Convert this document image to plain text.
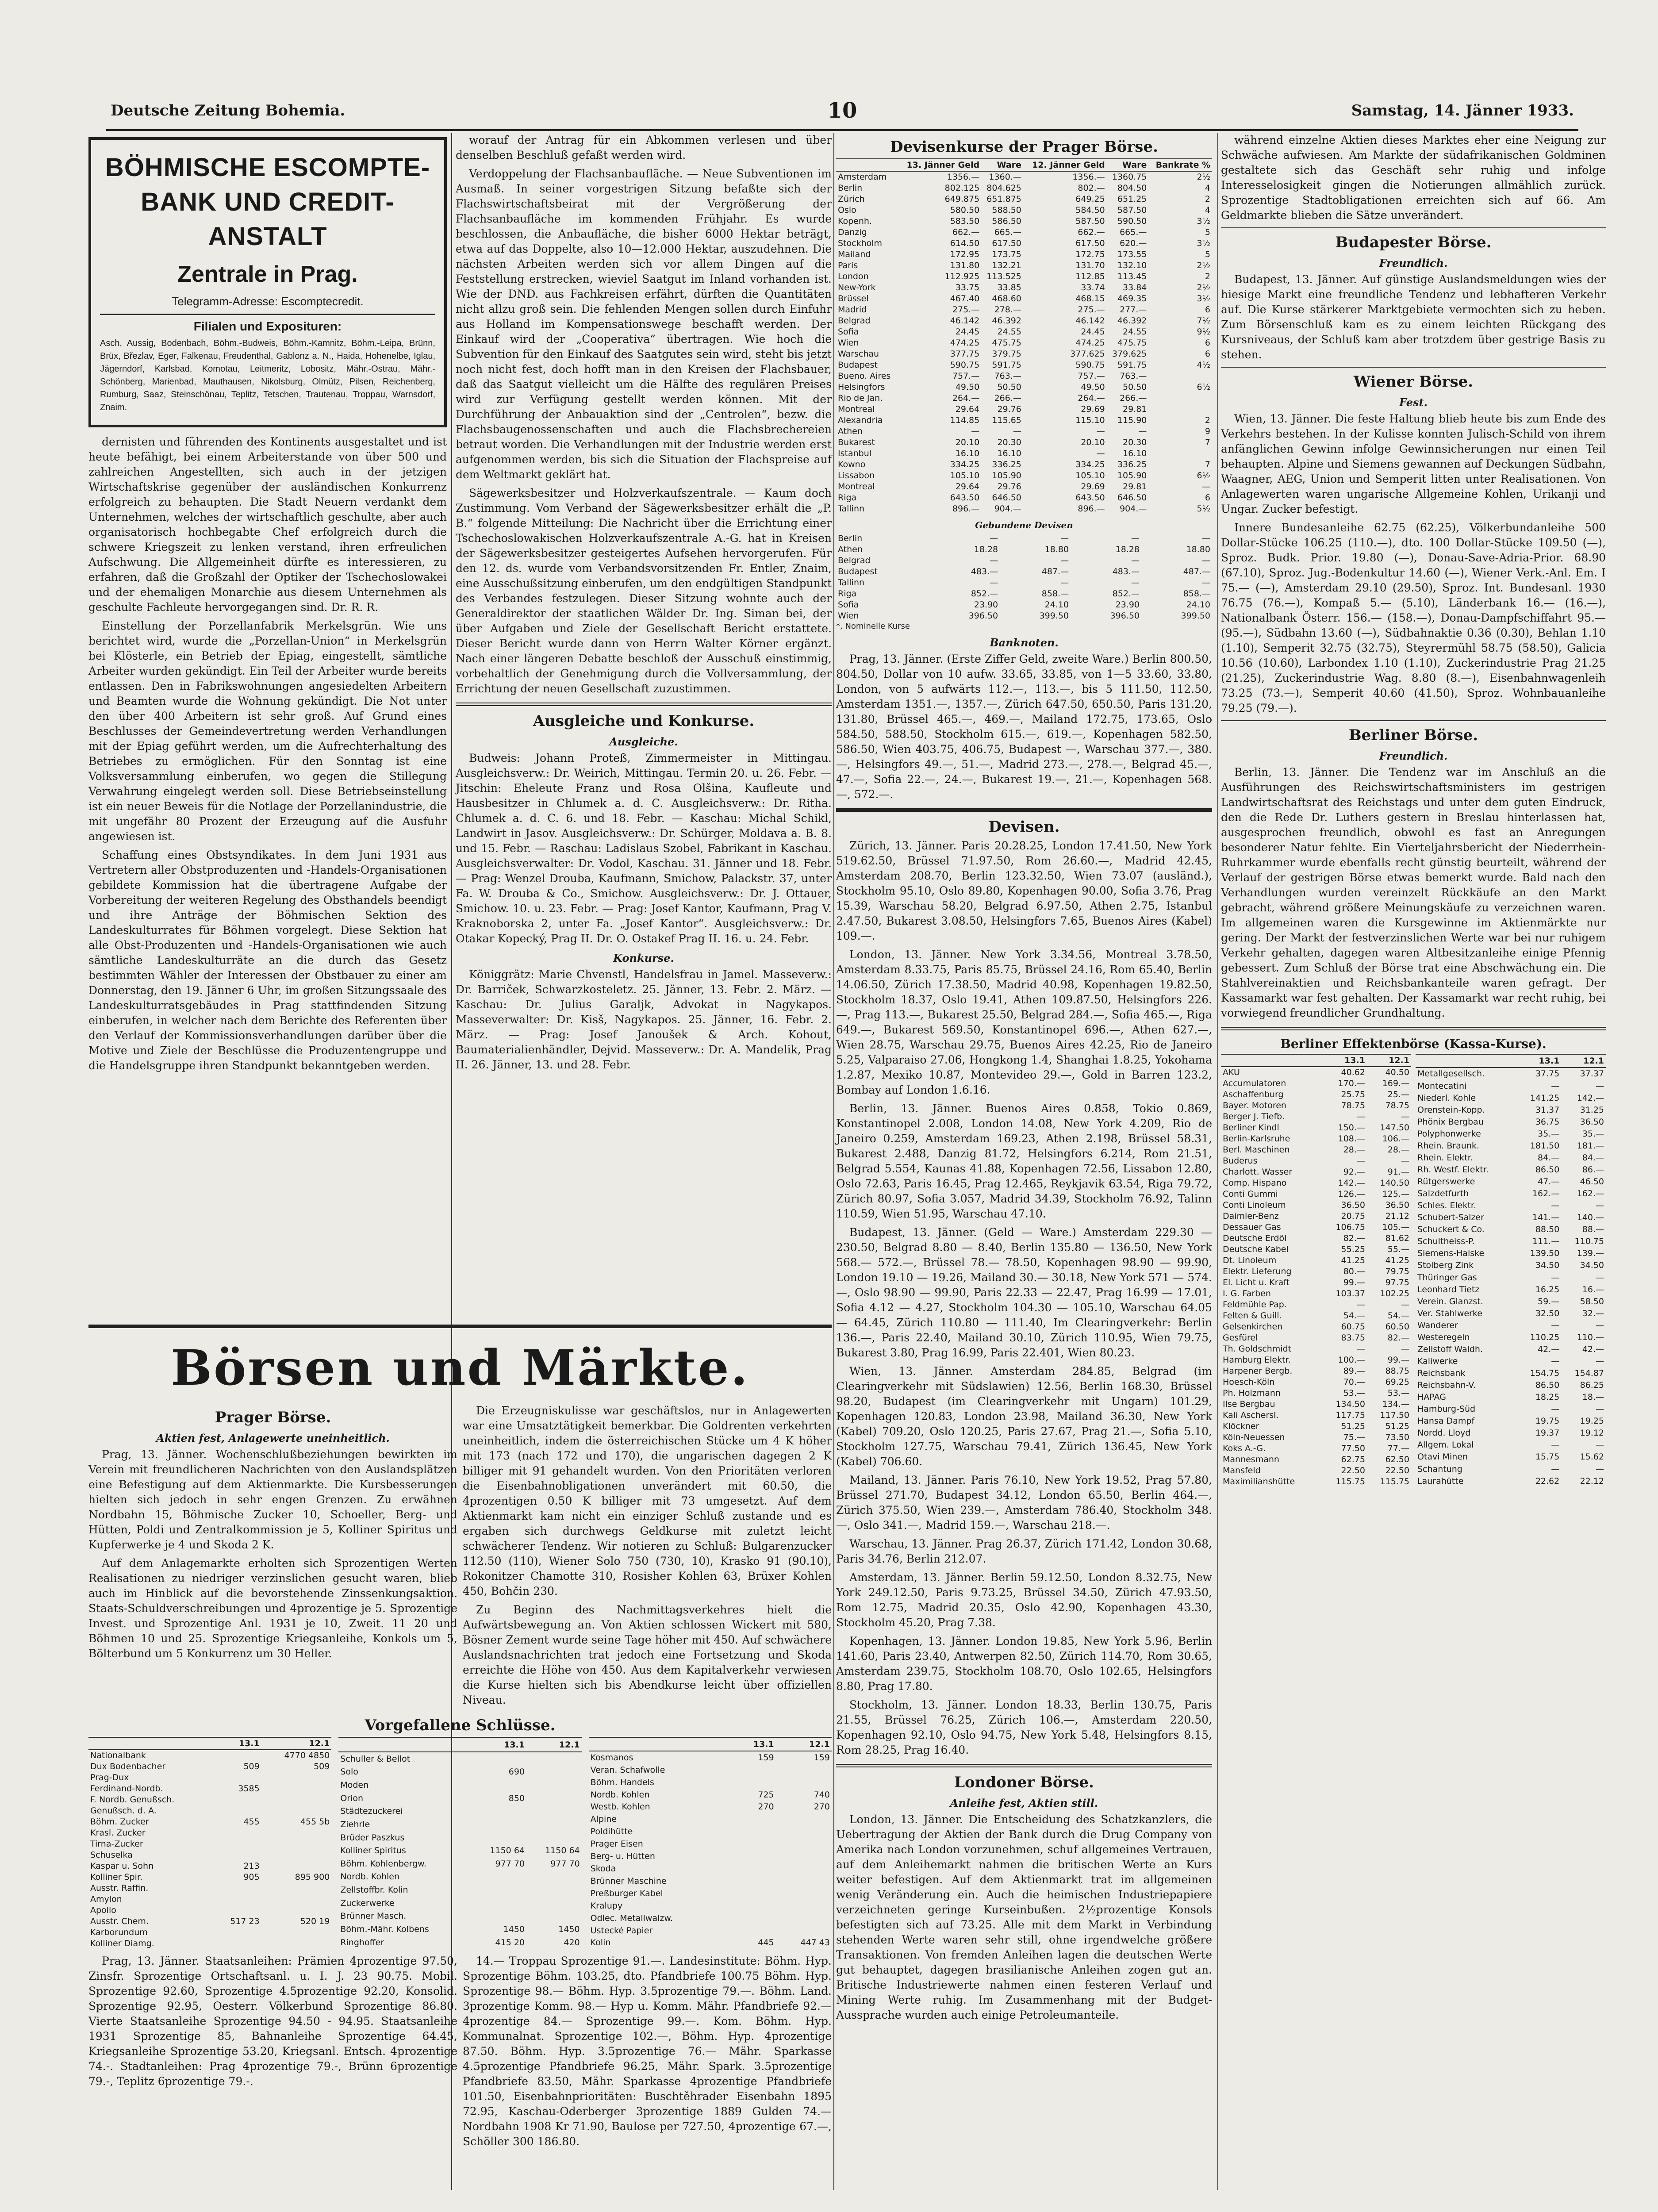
Deutsche Zeitung Bohemia.	10	Samstag, 14. Jänner 1933.
BÖHMISCHE ESCOMPTE-BANK UND CREDIT-ANSTALT
Zentrale in Prag.
Telegramm-Adresse: Escomptecredit.
Filialen und Exposituren:
Asch, Aussig, Bodenbach, Böhm.-Budweis, Böhm.-Kamnitz, Böhm.-Leipa, Brünn, Brüx, Březlav, Eger, Falkenau, Freudenthal, Gablonz a. N., Haida, Hohenelbe, Iglau, Jägerndorf, Karlsbad, Komotau, Leitmeritz, Lobositz, Mähr.-Ostrau, Mähr.-Schönberg, Marienbad, Mauthausen, Nikolsburg, Olmütz, Pilsen, Reichenberg, Rumburg, Saaz, Steinschönau, Teplitz, Tetschen, Trautenau, Troppau, Warnsdorf, Znaim.

dernisten und führenden des Kontinents ausgestaltet und ist heute befähigt, bei einem Arbeiterstande von über 500 und zahlreichen Angestellten, sich auch in der jetzigen Wirtschaftskrise gegenüber der ausländischen Konkurrenz erfolgreich zu behaupten. Die Stadt Neuern verdankt dem Unternehmen, welches der wirtschaftlich geschulte, aber auch organisatorisch hochbegabte Chef erfolgreich durch die schwere Kriegszeit zu lenken verstand, ihren erfreulichen Aufschwung. Die Allgemeinheit dürfte es interessieren, zu erfahren, daß die Großzahl der Optiker der Tschechoslowakei und der ehemaligen Monarchie aus diesem Unternehmen als geschulte Fachleute hervorgegangen sind. Dr. R. R.

Einstellung der Porzellanfabrik Merkelsgrün. Wie uns berichtet wird, wurde die „Porzellan-Union“ in Merkelsgrün bei Klösterle, ein Betrieb der Epiag, eingestellt, sämtliche Arbeiter wurden gekündigt. Ein Teil der Arbeiter wurde bereits entlassen. Den in Fabrikswohnungen angesiedelten Arbeitern und Beamten wurde die Wohnung gekündigt. Die Not unter den über 400 Arbeitern ist sehr groß. Auf Grund eines Beschlusses der Gemeindevertretung werden Verhandlungen mit der Epiag geführt werden, um die Aufrechterhaltung des Betriebes zu ermöglichen. Für den Sonntag ist eine Volksversammlung einberufen, wo gegen die Stillegung Verwahrung eingelegt werden soll. Diese Betriebseinstellung ist ein neuer Beweis für die Notlage der Porzellanindustrie, die mit ungefähr 80 Prozent der Erzeugung auf die Ausfuhr angewiesen ist.

Schaffung eines Obstsyndikates. In dem Juni 1931 aus Vertretern aller Obstproduzenten und -Handels-Organisationen gebildete Kommission hat die übertragene Aufgabe der Vorbereitung der weiteren Regelung des Obsthandels beendigt und ihre Anträge der Böhmischen Sektion des Landeskulturrates für Böhmen vorgelegt. Diese Sektion hat alle Obst-Produzenten und -Handels-Organisationen wie auch sämtliche Landeskulturräte an die durch das Gesetz bestimmten Wähler der Interessen der Obstbauer zu einer am Donnerstag, den 19. Jänner 6 Uhr, im großen Sitzungssaale des Landeskulturratsgebäudes in Prag stattfindenden Sitzung einberufen, in welcher nach dem Berichte des Referenten über den Verlauf der Kommissionsverhandlungen darüber über die Motive und Ziele der Beschlüsse die Produzentengruppe und die Handelsgruppe ihren Standpunkt bekanntgeben werden.

worauf der Antrag für ein Abkommen verlesen und über denselben Beschluß gefaßt werden wird.

Verdoppelung der Flachsanbaufläche. — Neue Subventionen im Ausmaß. In seiner vorgestrigen Sitzung befaßte sich der Flachswirtschaftsbeirat mit der Vergrößerung der Flachsanbaufläche im kommenden Frühjahr. Es wurde beschlossen, die Anbaufläche, die bisher 6000 Hektar beträgt, etwa auf das Doppelte, also 10—12.000 Hektar, auszudehnen. Die nächsten Arbeiten werden sich vor allem Dingen auf die Feststellung erstrecken, wieviel Saatgut im Inland vorhanden ist. Wie der DND. aus Fachkreisen erfährt, dürften die Quantitäten nicht allzu groß sein. Die fehlenden Mengen sollen durch Einfuhr aus Holland im Kompensationswege beschafft werden. Der Einkauf wird der „Cooperativa“ übertragen. Wie hoch die Subvention für den Einkauf des Saatgutes sein wird, steht bis jetzt noch nicht fest, doch hofft man in den Kreisen der Flachsbauer, daß das Saatgut vielleicht um die Hälfte des regulären Preises wird zur Verfügung gestellt werden können. Mit der Durchführung der Anbauaktion sind der „Centrolen“, bezw. die Flachsbaugenossenschaften und auch die Flachsbrechereien betraut worden. Die Verhandlungen mit der Industrie werden erst aufgenommen werden, bis sich die Situation der Flachspreise auf dem Weltmarkt geklärt hat.

Sägewerksbesitzer und Holzverkaufszentrale. — Kaum doch Zustimmung. Vom Verband der Sägewerksbesitzer erhält die „P. B.“ folgende Mitteilung: Die Nachricht über die Errichtung einer Tschechoslowakischen Holzverkaufszentrale A.-G. hat in Kreisen der Sägewerksbesitzer gesteigertes Aufsehen hervorgerufen. Für den 12. ds. wurde vom Verbandsvorsitzenden Fr. Entler, Znaim, eine Ausschußsitzung einberufen, um den endgültigen Standpunkt des Verbandes festzulegen. Dieser Sitzung wohnte auch der Generaldirektor der staatlichen Wälder Dr. Ing. Siman bei, der über Aufgaben und Ziele der Gesellschaft Bericht erstattete. Dieser Bericht wurde dann von Herrn Walter Körner ergänzt. Nach einer längeren Debatte beschloß der Ausschuß einstimmig, vorbehaltlich der Genehmigung durch die Vollversammlung, der Errichtung der neuen Gesellschaft zuzustimmen.

Ausgleiche und Konkurse.
Ausgleiche.

Budweis: Johann Proteß, Zimmermeister in Mittingau. Ausgleichsverw.: Dr. Weirich, Mittingau. Termin 20. u. 26. Febr. — Jitschin: Eheleute Franz und Rosa Olšina, Kaufleute und Hausbesitzer in Chlumek a. d. C. Ausgleichsverw.: Dr. Ritha. Chlumek a. d. C. 6. und 18. Febr. — Kaschau: Michal Schikl, Landwirt in Jasov. Ausgleichsverw.: Dr. Schürger, Moldava a. B. 8. und 15. Febr. — Raschau: Ladislaus Szobel, Fabrikant in Kaschau. Ausgleichsverwalter: Dr. Vodol, Kaschau. 31. Jänner und 18. Febr. — Prag: Wenzel Drouba, Kaufmann, Smichow, Palackstr. 37, unter Fa. W. Drouba & Co., Smichow. Ausgleichsverw.: Dr. J. Ottauer, Smichow. 10. u. 23. Febr. — Prag: Josef Kantor, Kaufmann, Prag V. Kraknoborska 2, unter Fa. „Josef Kantor“. Ausgleichsverw.: Dr. Otakar Kopecký, Prag II. Dr. O. Ostakef Prag II. 16. u. 24. Febr.

Konkurse.

Königgrätz: Marie Chvenstl, Handelsfrau in Jamel. Masseverw.: Dr. Barriček, Schwarzkosteletz. 25. Jänner, 13. Febr. 2. März. — Kaschau: Dr. Julius Garaljk, Advokat in Nagykapos. Masseverwalter: Dr. Kisš, Nagykapos. 25. Jänner, 16. Febr. 2. März. — Prag: Josef Janoušek & Arch. Kohout, Baumaterialienhändler, Dejvid. Masseverw.: Dr. A. Mandelik, Prag II. 26. Jänner, 13. und 28. Febr.

Börsen und Märkte.
Prager Börse.
Aktien fest, Anlagewerte uneinheitlich.

Prag, 13. Jänner. Wochenschlußbeziehungen bewirkten im Verein mit freundlicheren Nachrichten von den Auslandsplätzen eine Befestigung auf dem Aktienmarkte. Die Kursbesserungen hielten sich jedoch in sehr engen Grenzen. Zu erwähnen Nordbahn 15, Böhmische Zucker 10, Schoeller, Berg- und Hütten, Poldi und Zentralkommission je 5, Kolliner Spiritus und Kupferwerke je 4 und Skoda 2 K.

Auf dem Anlagemarkte erholten sich Sprozentigen Werten Realisationen zu niedriger verzinslichen gesucht waren, blieb auch im Hinblick auf die bevorstehende Zinssenkungsaktion. Staats-Schuldverschreibungen und 4prozentige je 5. Sprozentige Invest. und Sprozentige Anl. 1931 je 10, Zweit. 11 20 und Böhmen 10 und 25. Sprozentige Kriegsanleihe, Konkols um 5, Bölterbund um 5 Konkurrenz um 30 Heller.

Die Erzeugniskulisse war geschäftslos, nur in Anlagewerten war eine Umsatztätigkeit bemerkbar. Die Goldrenten verkehrten uneinheitlich, indem die österreichischen Stücke um 4 K höher mit 173 (nach 172 und 170), die ungarischen dagegen 2 K billiger mit 91 gehandelt wurden. Von den Prioritäten verloren die Eisenbahnobligationen unverändert mit 60.50, die 4prozentigen 0.50 K billiger mit 73 umgesetzt. Auf dem Aktienmarkt kam nicht ein einziger Schluß zustande und es ergaben sich durchwegs Geldkurse mit zuletzt leicht schwächerer Tendenz. Wir notieren zu Schluß: Bulgarenzucker 112.50 (110), Wiener Solo 750 (730, 10), Krasko 91 (90.10), Rokonitzer Chamotte 310, Rosisher Kohlen 63, Brüxer Kohlen 450, Bohčin 230.

Zu Beginn des Nachmittagsverkehres hielt die Aufwärtsbewegung an. Von Aktien schlossen Wickert mit 580, Bösner Zement wurde seine Tage höher mit 450. Auf schwächere Auslandsnachrichten trat jedoch eine Fortsetzung und Skoda erreichte die Höhe von 450. Aus dem Kapitalverkehr verwiesen die Kurse hielten sich bis Abendkurse leicht über offiziellen Niveau.

Vorgefallene Schlüsse.
	13.1	12.1
Nationalbank		4770 4850
Dux Bodenbacher	509	509
Prag-Dux		
Ferdinand-Nordb.	3585	
F. Nordb. Genußsch.		
Genußsch. d. A.		
Böhm. Zucker	455	455 5b
Krasl. Zucker		
Tirna-Zucker		
Schuselka		
Kaspar u. Sohn	213	
Kolliner Spir.	905	895 900
Ausstr. Raffin.		
Amylon		
Apollo		
Ausstr. Chem.	517 23	520 19
Karborundum		
Kolliner Diamg.		
	13.1	12.1
Schuller & Bellot		
Solo	690	
Moden		
Orion	850	
Städtezuckerei		
Ziehrle		
Brüder Paszkus		
Kolliner Spiritus	1150 64	1150 64
Böhm. Kohlenbergw.	977 70	977 70
Nordb. Kohlen		
Zellstoffbr. Kolin		
Zuckerwerke		
Brünner Masch.		
Böhm.-Mähr. Kolbens	1450	1450
Ringhoffer	415 20	420
	13.1	12.1
Kosmanos	159	159
Veran. Schafwolle		
Böhm. Handels		
Nordb. Kohlen	725	740
Westb. Kohlen	270	270
Alpine		
Poldihütte		
Prager Eisen		
Berg- u. Hütten		
Skoda		
Brünner Maschine		
Preßburger Kabel		
Kralupy		
Odlec. Metallwalzw.		
Ustecké Papier		
Kolin	445	447 43

Prag, 13. Jänner. Staatsanleihen: Prämien 4prozentige 97.50, Zinsfr. Sprozentige Ortschaftsanl. u. I. J. 23 90.75. Mobil. Sprozentige 92.60, Sprozentige 4.5prozentige 92.20, Konsolid. Sprozentige 92.95, Oesterr. Völkerbund Sprozentige 86.80. Vierte Staatsanleihe Sprozentige 94.50 - 94.95. Staatsanleihe 1931 Sprozentige 85, Bahnanleihe Sprozentige 64.45, Kriegsanleihe Sprozentige 53.20, Kriegsanl. Entsch. 4prozentige 74.-. Stadtanleihen: Prag 4prozentige 79.-, Brünn 6prozentige 79.-, Teplitz 6prozentige 79.-.

14.— Troppau Sprozentige 91.—. Landesinstitute: Böhm. Hyp. Sprozentige Böhm. 103.25, dto. Pfandbriefe 100.75 Böhm. Hyp. Sprozentige 98.— Böhm. Hyp. 3.5prozentige 79.—. Böhm. Land. 3prozentige Komm. 98.— Hyp u. Komm. Mähr. Pfandbriefe 92.— 4prozentige 84.— Sprozentige 99.—. Kom. Böhm. Hyp. Kommunalnat. Sprozentige 102.—, Böhm. Hyp. 4prozentige 87.50. Böhm. Hyp. 3.5prozentige 76.— Mähr. Sparkasse 4.5prozentige Pfandbriefe 96.25, Mähr. Spark. 3.5prozentige Pfandbriefe 83.50, Mähr. Sparkasse 4prozentige Pfandbriefe 101.50, Eisenbahnprioritäten: Buschtěhrader Eisenbahn 1895 72.95, Kaschau-Oderberger 3prozentige 1889 Gulden 74.— Nordbahn 1908 Kr 71.90, Baulose per 727.50, 4prozentige 67.—, Schöller 300 186.80.

Devisenkurse der Prager Börse.
	13. Jänner Geld	Ware	12. Jänner Geld	Ware	Bankrate %
Amsterdam	1356.—	1360.—	1356.—	1360.75	2½
Berlin	802.125	804.625	802.—	804.50	4
Zürich	649.875	651.875	649.25	651.25	2
Oslo	580.50	588.50	584.50	587.50	4
Kopenh.	583.50	586.50	587.50	590.50	3½
Danzig	662.—	665.—	662.—	665.—	5
Stockholm	614.50	617.50	617.50	620.—	3½
Mailand	172.95	173.75	172.75	173.55	5
Paris	131.80	132.21	131.70	132.10	2½
London	112.925	113.525	112.85	113.45	2
New-York	33.75	33.85	33.74	33.84	2½
Brüssel	467.40	468.60	468.15	469.35	3½
Madrid	275.—	278.—	275.—	277.—	6
Belgrad	46.142	46.392	46.142	46.392	7½
Sofia	24.45	24.55	24.45	24.55	9½
Wien	474.25	475.75	474.25	475.75	6
Warschau	377.75	379.75	377.625	379.625	6
Budapest	590.75	591.75	590.75	591.75	4½
Bueno. Aires	757.—	763.—	757.—	763.—	
Helsingfors	49.50	50.50	49.50	50.50	6½
Rio de Jan.	264.—	266.—	264.—	266.—	
Montreal	29.64	29.76	29.69	29.81	
Alexandria	114.85	115.65	115.10	115.90	2
Athen	—	—	—	—	9
Bukarest	20.10	20.30	20.10	20.30	7
Istanbul	16.10	16.10	—	16.10	
Kowno	334.25	336.25	334.25	336.25	7
Lissabon	105.10	105.90	105.10	105.90	6½
Montreal	29.64	29.76	29.69	29.81	—
Riga	643.50	646.50	643.50	646.50	6
Tallinn	896.—	904.—	896.—	904.—	5½
Gebundene Devisen
Berlin	—	—	—	—
Athen	18.28	18.80	18.28	18.80
Belgrad	—	—	—	—
Budapest	483.—	487.—	483.—	487.—
Tallinn	—	—	—	—
Riga	852.—	858.—	852.—	858.—
Sofia	23.90	24.10	23.90	24.10
Wien	396.50	399.50	396.50	399.50
*, Nominelle Kurse
Banknoten.

Prag, 13. Jänner. (Erste Ziffer Geld, zweite Ware.) Berlin 800.50, 804.50, Dollar von 10 aufw. 33.65, 33.85, von 1—5 33.60, 33.80, London, von 5 aufwärts 112.—, 113.—, bis 5 111.50, 112.50, Amsterdam 1351.—, 1357.—, Zürich 647.50, 650.50, Paris 131.20, 131.80, Brüssel 465.—, 469.—, Mailand 172.75, 173.65, Oslo 584.50, 588.50, Stockholm 615.—, 619.—, Kopenhagen 582.50, 586.50, Wien 403.75, 406.75, Budapest —, Warschau 377.—, 380.—, Helsingfors 49.—, 51.—, Madrid 273.—, 278.—, Belgrad 45.—, 47.—, Sofia 22.—, 24.—, Bukarest 19.—, 21.—, Kopenhagen 568.—, 572.—.

Devisen.

Zürich, 13. Jänner. Paris 20.28.25, London 17.41.50, New York 519.62.50, Brüssel 71.97.50, Rom 26.60.—, Madrid 42.45, Amsterdam 208.70, Berlin 123.32.50, Wien 73.07 (ausländ.), Stockholm 95.10, Oslo 89.80, Kopenhagen 90.00, Sofia 3.76, Prag 15.39, Warschau 58.20, Belgrad 6.97.50, Athen 2.75, Istanbul 2.47.50, Bukarest 3.08.50, Helsingfors 7.65, Buenos Aires (Kabel) 109.—.

London, 13. Jänner. New York 3.34.56, Montreal 3.78.50, Amsterdam 8.33.75, Paris 85.75, Brüssel 24.16, Rom 65.40, Berlin 14.06.50, Zürich 17.38.50, Madrid 40.98, Kopenhagen 19.82.50, Stockholm 18.37, Oslo 19.41, Athen 109.87.50, Helsingfors 226.—, Prag 113.—, Bukarest 25.50, Belgrad 284.—, Sofia 465.—, Riga 649.—, Bukarest 569.50, Konstantinopel 696.—, Athen 627.—, Wien 28.75, Warschau 29.75, Buenos Aires 42.25, Rio de Janeiro 5.25, Valparaiso 27.06, Hongkong 1.4, Shanghai 1.8.25, Yokohama 1.2.87, Mexiko 10.87, Montevideo 29.—, Gold in Barren 123.2, Bombay auf London 1.6.16.

Berlin, 13. Jänner. Buenos Aires 0.858, Tokio 0.869, Konstantinopel 2.008, London 14.08, New York 4.209, Rio de Janeiro 0.259, Amsterdam 169.23, Athen 2.198, Brüssel 58.31, Bukarest 2.488, Danzig 81.72, Helsingfors 6.214, Rom 21.51, Belgrad 5.554, Kaunas 41.88, Kopenhagen 72.56, Lissabon 12.80, Oslo 72.63, Paris 16.45, Prag 12.465, Reykjavik 63.54, Riga 79.72, Zürich 80.97, Sofia 3.057, Madrid 34.39, Stockholm 76.92, Talinn 110.59, Wien 51.95, Warschau 47.10.

Budapest, 13. Jänner. (Geld — Ware.) Amsterdam 229.30 — 230.50, Belgrad 8.80 — 8.40, Berlin 135.80 — 136.50, New York 568.— 572.—, Brüssel 78.— 78.50, Kopenhagen 98.90 — 99.90, London 19.10 — 19.26, Mailand 30.— 30.18, New York 571 — 574.—, Oslo 98.90 — 99.90, Paris 22.33 — 22.47, Prag 16.99 — 17.01, Sofia 4.12 — 4.27, Stockholm 104.30 — 105.10, Warschau 64.05 — 64.45, Zürich 110.80 — 111.40, Im Clearingverkehr: Berlin 136.—, Paris 22.40, Mailand 30.10, Zürich 110.95, Wien 79.75, Bukarest 3.80, Prag 16.99, Paris 22.401, Wien 80.23.

Wien, 13. Jänner. Amsterdam 284.85, Belgrad (im Clearingverkehr mit Südslawien) 12.56, Berlin 168.30, Brüssel 98.20, Budapest (im Clearingverkehr mit Ungarn) 101.29, Kopenhagen 120.83, London 23.98, Mailand 36.30, New York (Kabel) 709.20, Oslo 120.25, Paris 27.67, Prag 21.—, Sofia 5.10, Stockholm 127.75, Warschau 79.41, Zürich 136.45, New York (Kabel) 706.60.

Mailand, 13. Jänner. Paris 76.10, New York 19.52, Prag 57.80, Brüssel 271.70, Budapest 34.12, London 65.50, Berlin 464.—, Zürich 375.50, Wien 239.—, Amsterdam 786.40, Stockholm 348.—, Oslo 341.—, Madrid 159.—, Warschau 218.—.

Warschau, 13. Jänner. Prag 26.37, Zürich 171.42, London 30.68, Paris 34.76, Berlin 212.07.

Amsterdam, 13. Jänner. Berlin 59.12.50, London 8.32.75, New York 249.12.50, Paris 9.73.25, Brüssel 34.50, Zürich 47.93.50, Rom 12.75, Madrid 20.35, Oslo 42.90, Kopenhagen 43.30, Stockholm 45.20, Prag 7.38.

Kopenhagen, 13. Jänner. London 19.85, New York 5.96, Berlin 141.60, Paris 23.40, Antwerpen 82.50, Zürich 114.70, Rom 30.65, Amsterdam 239.75, Stockholm 108.70, Oslo 102.65, Helsingfors 8.80, Prag 17.80.

Stockholm, 13. Jänner. London 18.33, Berlin 130.75, Paris 21.55, Brüssel 76.25, Zürich 106.—, Amsterdam 220.50, Kopenhagen 92.10, Oslo 94.75, New York 5.48, Helsingfors 8.15, Rom 28.25, Prag 16.40.

Londoner Börse.
Anleihe fest, Aktien still.

London, 13. Jänner. Die Entscheidung des Schatzkanzlers, die Uebertragung der Aktien der Bank durch die Drug Company von Amerika nach London vorzunehmen, schuf allgemeines Vertrauen, auf dem Anleihemarkt nahmen die britischen Werte an Kurs weiter befestigen. Auf dem Aktienmarkt trat im allgemeinen wenig Veränderung ein. Auch die heimischen Industriepapiere verzeichneten geringe Kurseinbußen. 2½prozentige Konsols befestigten sich auf 73.25. Alle mit dem Markt in Verbindung stehenden Werte waren sehr still, ohne irgendwelche größere Transaktionen. Von fremden Anleihen lagen die deutschen Werte gut behauptet, dagegen brasilianische Anleihen zogen gut an. Britische Industriewerte nahmen einen festeren Verlauf und Mining Werte ruhig. Im Zusammenhang mit der Budget-Aussprache wurden auch einige Petroleumanteile.

während einzelne Aktien dieses Marktes eher eine Neigung zur Schwäche aufwiesen. Am Markte der südafrikanischen Goldminen gestaltete sich das Geschäft sehr ruhig und infolge Interesselosigkeit gingen die Notierungen allmählich zurück. Sprozentige Stadtobligationen erreichten sich auf 66. Am Geldmarkte blieben die Sätze unverändert.

Budapester Börse.
Freundlich.

Budapest, 13. Jänner. Auf günstige Auslandsmeldungen wies der hiesige Markt eine freundliche Tendenz und lebhafteren Verkehr auf. Die Kurse stärkerer Marktgebiete vermochten sich zu heben. Zum Börsenschluß kam es zu einem leichten Rückgang des Kursniveaus, der Schluß kam aber trotzdem über gestrige Basis zu stehen.

Wiener Börse.
Fest.

Wien, 13. Jänner. Die feste Haltung blieb heute bis zum Ende des Verkehrs bestehen. In der Kulisse konnten Julisch-Schild von ihrem anfänglichen Gewinn infolge Gewinnsicherungen nur einen Teil behaupten. Alpine und Siemens gewannen auf Deckungen Südbahn, Waagner, AEG, Union und Semperit litten unter Realisationen. Von Anlagewerten waren ungarische Allgemeine Kohlen, Urikanji und Ungar. Zucker befestigt.

Innere Bundesanleihe 62.75 (62.25), Völkerbundanleihe 500 Dollar-Stücke 106.25 (110.—), dto. 100 Dollar-Stücke 109.50 (—), Sproz. Budk. Prior. 19.80 (—), Donau-Save-Adria-Prior. 68.90 (67.10), Sproz. Jug.-Bodenkultur 14.60 (—), Wiener Verk.-Anl. Em. I 75.— (—), Amsterdam 29.10 (29.50), Sproz. Int. Bundesanl. 1930 76.75 (76.—), Kompaß 5.— (5.10), Länderbank 16.— (16.—), Nationalbank Österr. 156.— (158.—), Donau-Dampfschiffahrt 95.— (95.—), Südbahn 13.60 (—), Südbahnaktie 0.36 (0.30), Behlan 1.10 (1.10), Semperit 32.75 (32.75), Steyrermühl 58.75 (58.50), Galicia 10.56 (10.60), Larbondex 1.10 (1.10), Zuckerindustrie Prag 21.25 (21.25), Zuckerindustrie Wag. 8.80 (8.—), Eisenbahnwagenleih 73.25 (73.—), Semperit 40.60 (41.50), Sproz. Wohnbauanleihe 79.25 (79.—).

Berliner Börse.
Freundlich.

Berlin, 13. Jänner. Die Tendenz war im Anschluß an die Ausführungen des Reichswirtschaftsministers im gestrigen Landwirtschaftsrat des Reichstags und unter dem guten Eindruck, den die Rede Dr. Luthers gestern in Breslau hinterlassen hat, ausgesprochen freundlich, obwohl es fast an Anregungen besonderer Natur fehlte. Ein Vierteljahrsbericht der Niederrhein-Ruhrkammer wurde ebenfalls recht günstig beurteilt, während der Verlauf der gestrigen Börse etwas bemerkt wurde. Bald nach den Verhandlungen wurden vereinzelt Rückkäufe an den Markt gebracht, während größere Meinungskäufe zu verzeichnen waren. Im allgemeinen waren die Kursgewinne im Aktienmärkte nur gering. Der Markt der festverzinslichen Werte war bei nur ruhigem Verkehr gehalten, dagegen waren Altbesitzanleihe einige Pfennig gebessert. Zum Schluß der Börse trat eine Abschwächung ein. Die Stahlvereinaktien und Reichsbankanteile waren gefragt. Der Kassamarkt war fest gehalten. Der Kassamarkt war recht ruhig, bei vorwiegend freundlicher Grundhaltung.

Berliner Effektenbörse (Kassa-Kurse).
	13.1	12.1
AKU	40.62	40.50
Accumulatoren	170.—	169.—
Aschaffenburg	25.75	25.—
Bayer. Motoren	78.75	78.75
Berger J. Tiefb.	—	—
Berliner Kindl	150.—	147.50
Berlin-Karlsruhe	108.—	106.—
Berl. Maschinen	28.—	28.—
Buderus	—	—
Charlott. Wasser	92.—	91.—
Comp. Hispano	142.—	140.50
Conti Gummi	126.—	125.—
Conti Linoleum	36.50	36.50
Daimler-Benz	20.75	21.12
Dessauer Gas	106.75	105.—
Deutsche Erdöl	82.—	81.62
Deutsche Kabel	55.25	55.—
Dt. Linoleum	41.25	41.25
Elektr. Lieferung	80.—	79.75
El. Licht u. Kraft	99.—	97.75
I. G. Farben	103.37	102.25
Feldmühle Pap.	—	—
Felten & Guill.	54.—	54.—
Gelsenkirchen	60.75	60.50
Gesfürel	83.75	82.—
Th. Goldschmidt	—	—
Hamburg Elektr.	100.—	99.—
Harpener Bergb.	89.—	88.75
Hoesch-Köln	70.—	69.25
Ph. Holzmann	53.—	53.—
Ilse Bergbau	134.50	134.—
Kali Aschersl.	117.75	117.50
Klöckner	51.25	51.25
Köln-Neuessen	75.—	73.50
Koks A.-G.	77.50	77.—
Mannesmann	62.75	62.50
Mansfeld	22.50	22.50
Maximilianshütte	115.75	115.75
	13.1	12.1
Metallgesellsch.	37.75	37.37
Montecatini	—	—
Niederl. Kohle	141.25	142.—
Orenstein-Kopp.	31.37	31.25
Phönix Bergbau	36.75	36.50
Polyphonwerke	35.—	35.—
Rhein. Braunk.	181.50	181.—
Rhein. Elektr.	84.—	84.—
Rh. Westf. Elektr.	86.50	86.—
Rütgerswerke	47.—	46.50
Salzdetfurth	162.—	162.—
Schles. Elektr.	—	—
Schubert-Salzer	141.—	140.—
Schuckert & Co.	88.50	88.—
Schultheiss-P.	111.—	110.75
Siemens-Halske	139.50	139.—
Stolberg Zink	34.50	34.50
Thüringer Gas	—	—
Leonhard Tietz	16.25	16.—
Verein. Glanzst.	59.—	58.50
Ver. Stahlwerke	32.50	32.—
Wanderer	—	—
Westeregeln	110.25	110.—
Zellstoff Waldh.	42.—	42.—
Kaliwerke	—	—
Reichsbank	154.75	154.87
Reichsbahn-V.	86.50	86.25
HAPAG	18.25	18.—
Hamburg-Süd	—	—
Hansa Dampf	19.75	19.25
Nordd. Lloyd	19.37	19.12
Allgem. Lokal	—	—
Otavi Minen	15.75	15.62
Schantung	—	—
Laurahütte	22.62	22.12
